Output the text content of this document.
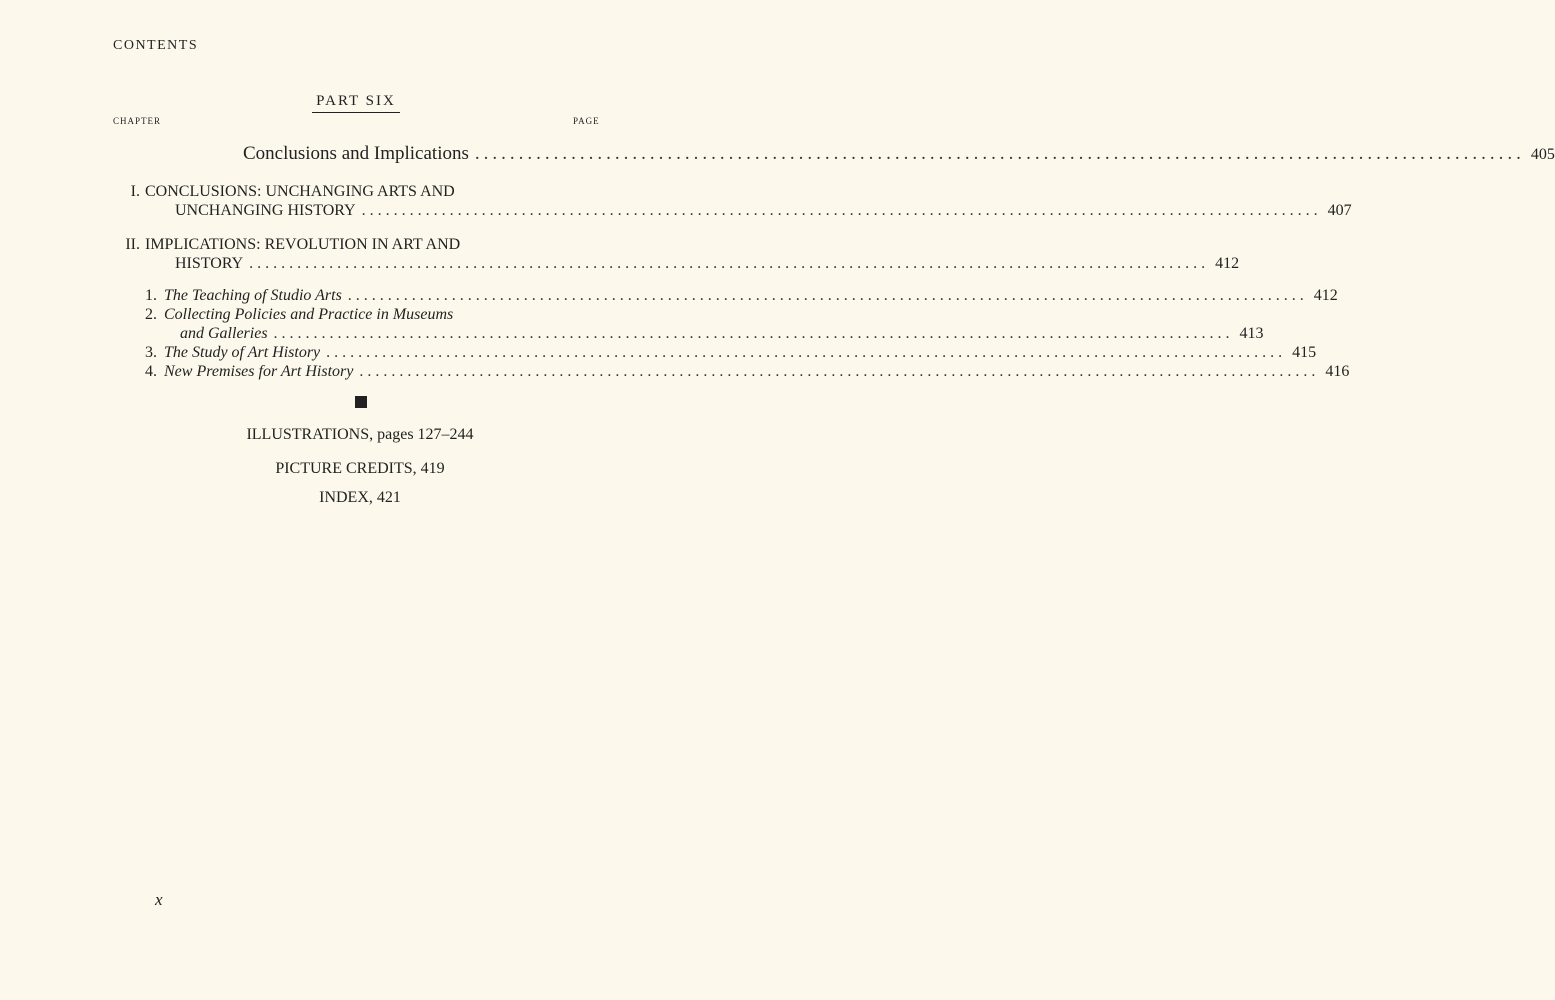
CONTENTS
PART SIX
CHAPTER	PAGE
Conclusions and Implications ........................................................................................................................ 405
I. CONCLUSIONS: UNCHANGING ARTS AND
UNCHANGING HISTORY ........................................................................................................................ 407
II. IMPLICATIONS: REVOLUTION IN ART AND
HISTORY ........................................................................................................................ 412
1. The Teaching of Studio Arts ........................................................................................................................ 412
2. Collecting Policies and Practice in Museums
and Galleries ........................................................................................................................ 413
3. The Study of Art History ........................................................................................................................ 415
4. New Premises for Art History ........................................................................................................................ 416
ILLUSTRATIONS, pages 127–244
PICTURE CREDITS, 419
INDEX, 421
x
